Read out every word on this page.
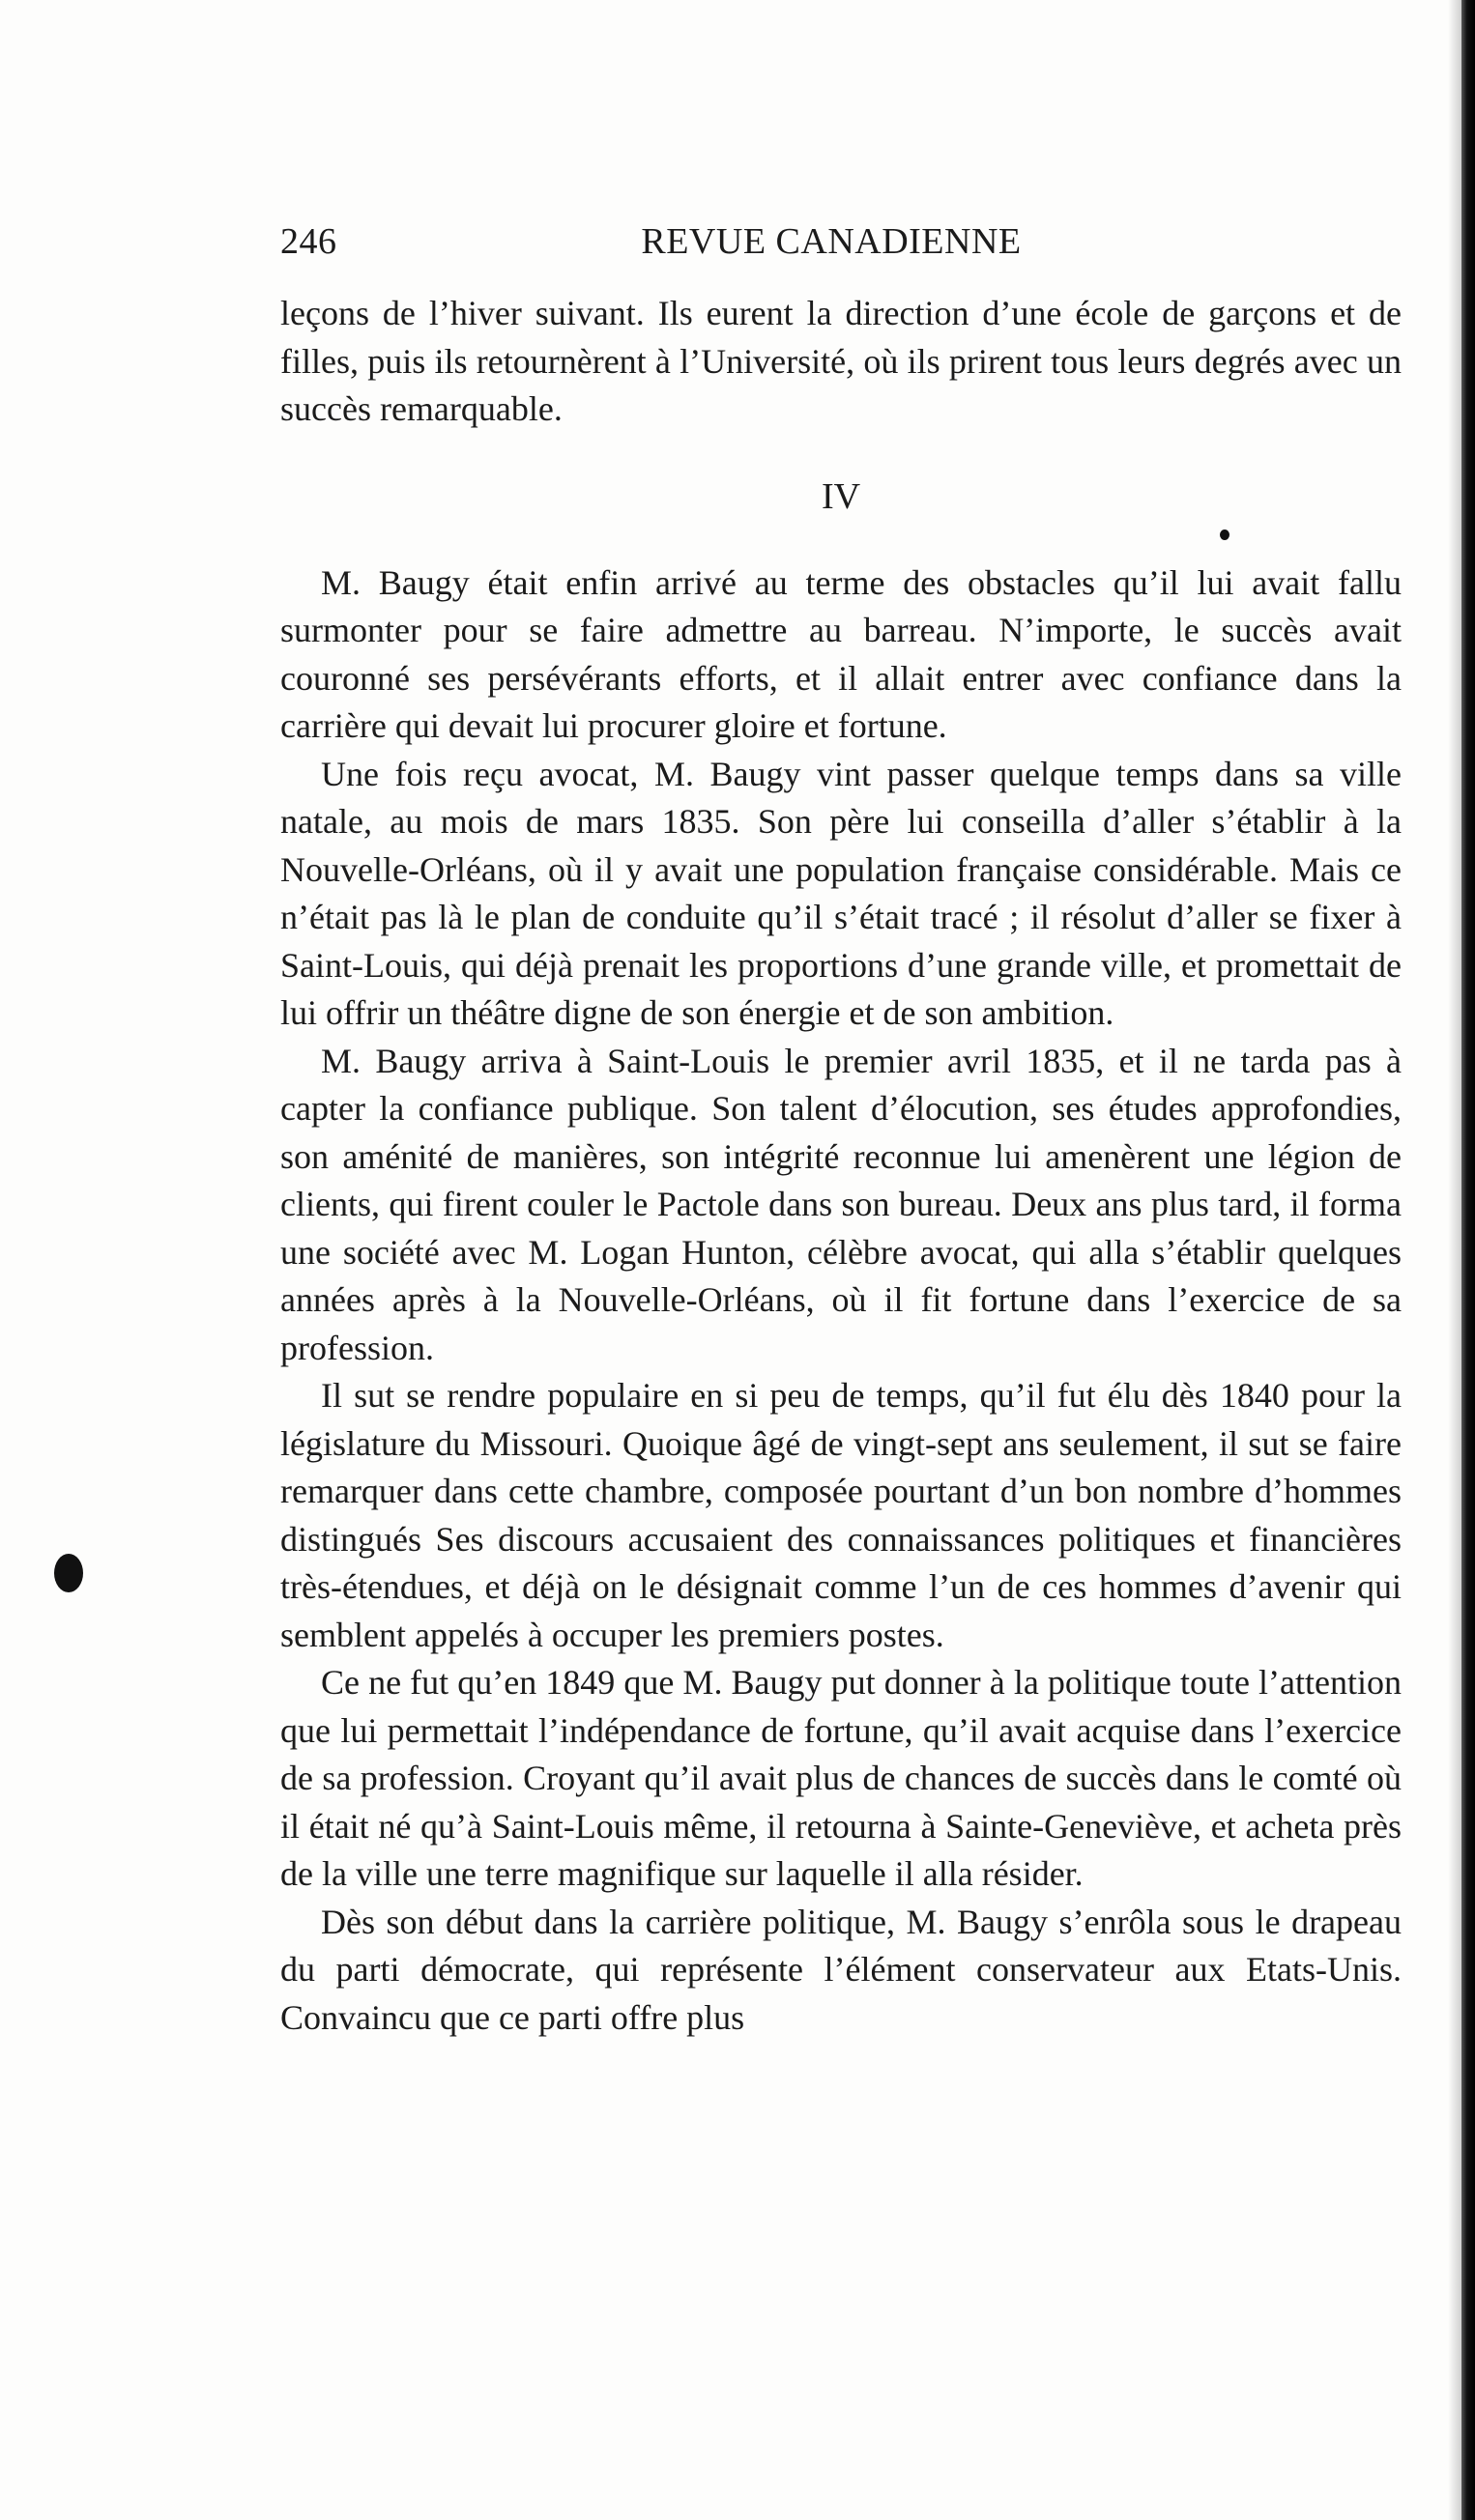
246	REVUE CANADIENNE

leçons de l’hiver suivant. Ils eurent la direction d’une école de garçons et de filles, puis ils retournèrent à l’Université, où ils prirent tous leurs degrés avec un succès remarquable.

IV

M. Baugy était enfin arrivé au terme des obstacles qu’il lui avait fallu surmonter pour se faire admettre au barreau. N’importe, le succès avait couronné ses persévérants efforts, et il allait entrer avec confiance dans la carrière qui devait lui procurer gloire et fortune.

Une fois reçu avocat, M. Baugy vint passer quelque temps dans sa ville natale, au mois de mars 1835. Son père lui conseilla d’aller s’établir à la Nouvelle-Orléans, où il y avait une population française considérable. Mais ce n’était pas là le plan de conduite qu’il s’était tracé ; il résolut d’aller se fixer à Saint-Louis, qui déjà prenait les proportions d’une grande ville, et promettait de lui offrir un théâtre digne de son énergie et de son ambition.

M. Baugy arriva à Saint-Louis le premier avril 1835, et il ne tarda pas à capter la confiance publique. Son talent d’élocution, ses études approfondies, son aménité de manières, son intégrité reconnue lui amenèrent une légion de clients, qui firent couler le Pactole dans son bureau. Deux ans plus tard, il forma une société avec M. Logan Hunton, célèbre avocat, qui alla s’établir quelques années après à la Nouvelle-Orléans, où il fit fortune dans l’exercice de sa profession.

Il sut se rendre populaire en si peu de temps, qu’il fut élu dès 1840 pour la législature du Missouri. Quoique âgé de vingt-sept ans seulement, il sut se faire remarquer dans cette chambre, composée pourtant d’un bon nombre d’hommes distingués Ses discours accusaient des connaissances politiques et financières très-étendues, et déjà on le désignait comme l’un de ces hommes d’avenir qui semblent appelés à occuper les premiers postes.

Ce ne fut qu’en 1849 que M. Baugy put donner à la politique toute l’attention que lui permettait l’indépendance de fortune, qu’il avait acquise dans l’exercice de sa profession. Croyant qu’il avait plus de chances de succès dans le comté où il était né qu’à Saint-Louis même, il retourna à Sainte-Geneviève, et acheta près de la ville une terre magnifique sur laquelle il alla résider.

Dès son début dans la carrière politique, M. Baugy s’enrôla sous le drapeau du parti démocrate, qui représente l’élément conservateur aux Etats-Unis. Convaincu que ce parti offre plus
